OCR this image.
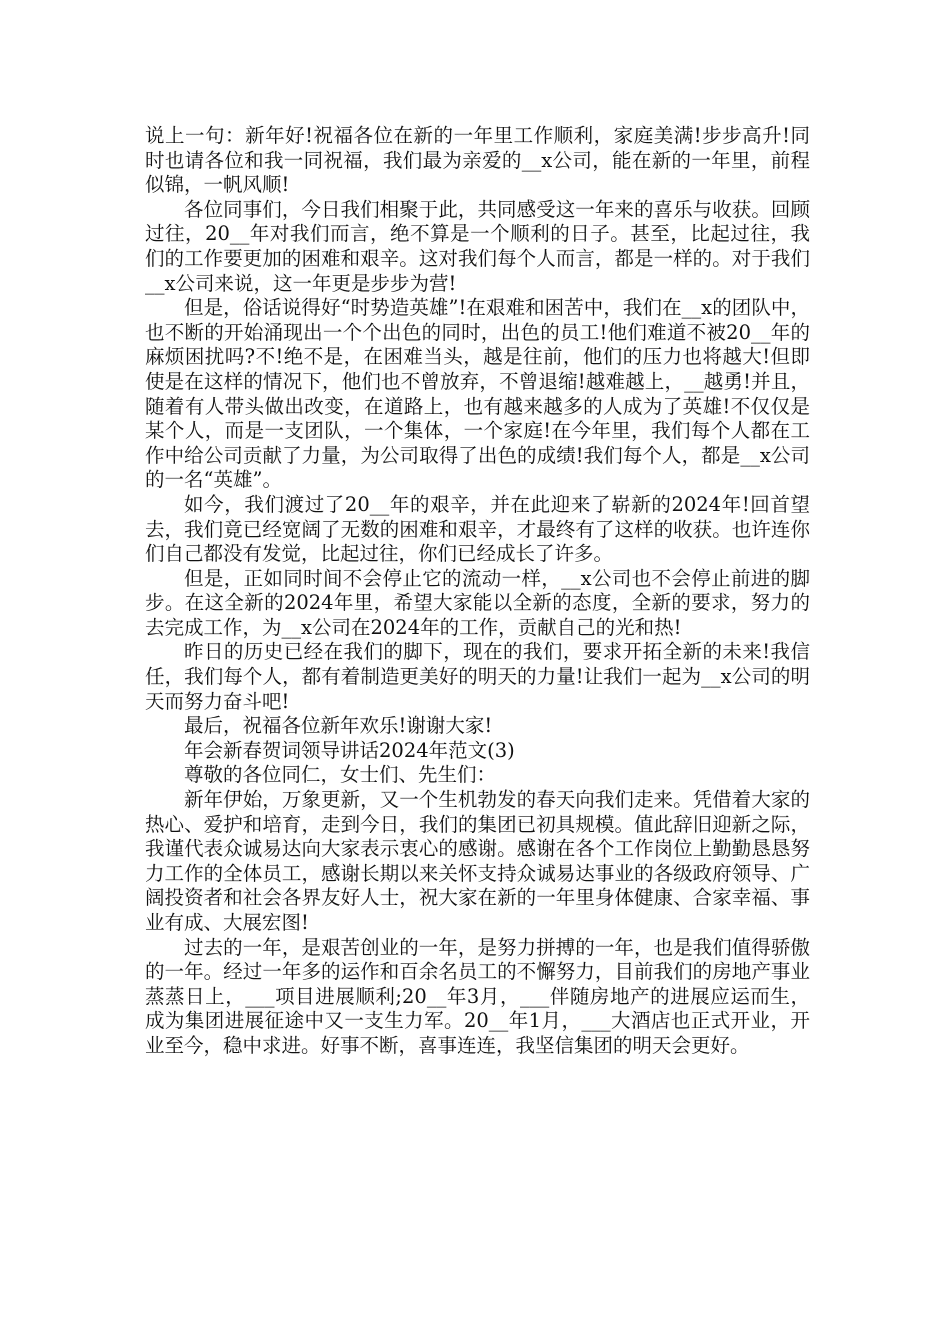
说上一句：新年好!祝福各位在新的一年里工作顺利，家庭美满!步步高升!同时也请各位和我一同祝福，我们最为亲爱的__x公司，能在新的一年里，前程似锦，一帆风顺!

各位同事们，今日我们相聚于此，共同感受这一年来的喜乐与收获。回顾过往，20__年对我们而言，绝不算是一个顺利的日子。甚至，比起过往，我们的工作要更加的困难和艰辛。这对我们每个人而言，都是一样的。对于我们__x公司来说，这一年更是步步为营!

但是，俗话说得好“时势造英雄”!在艰难和困苦中，我们在__x的团队中，也不断的开始涌现出一个个出色的同时，出色的员工!他们难道不被20__年的麻烦困扰吗?不!绝不是，在困难当头，越是往前，他们的压力也将越大!但即使是在这样的情况下，他们也不曾放弃，不曾退缩!越难越上，__越勇!并且，随着有人带头做出改变，在道路上，也有越来越多的人成为了英雄!不仅仅是某个人，而是一支团队，一个集体，一个家庭!在今年里，我们每个人都在工作中给公司贡献了力量，为公司取得了出色的成绩!我们每个人，都是__x公司的一名“英雄”。

如今，我们渡过了20__年的艰辛，并在此迎来了崭新的2024年!回首望去，我们竟已经宽阔了无数的困难和艰辛，才最终有了这样的收获。也许连你们自己都没有发觉，比起过往，你们已经成长了许多。

但是，正如同时间不会停止它的流动一样，__x公司也不会停止前进的脚步。在这全新的2024年里，希望大家能以全新的态度，全新的要求，努力的去完成工作，为__x公司在2024年的工作，贡献自己的光和热!

昨日的历史已经在我们的脚下，现在的我们，要求开拓全新的未来!我信任，我们每个人，都有着制造更美好的明天的力量!让我们一起为__x公司的明天而努力奋斗吧!

最后，祝福各位新年欢乐!谢谢大家!

年会新春贺词领导讲话2024年范文(3)

尊敬的各位同仁，女士们、先生们：

新年伊始，万象更新，又一个生机勃发的春天向我们走来。凭借着大家的热心、爱护和培育，走到今日，我们的集团已初具规模。值此辞旧迎新之际，我谨代表众诚易达向大家表示衷心的感谢。感谢在各个工作岗位上勤勤恳恳努力工作的全体员工，感谢长期以来关怀支持众诚易达事业的各级政府领导、广阔投资者和社会各界友好人士，祝大家在新的一年里身体健康、合家幸福、事业有成、大展宏图!

过去的一年，是艰苦创业的一年，是努力拼搏的一年，也是我们值得骄傲的一年。经过一年多的运作和百余名员工的不懈努力，目前我们的房地产事业蒸蒸日上，___项目进展顺利;20__年3月，___伴随房地产的进展应运而生，成为集团进展征途中又一支生力军。20__年1月，___大酒店也正式开业，开业至今，稳中求进。好事不断，喜事连连，我坚信集团的明天会更好。
